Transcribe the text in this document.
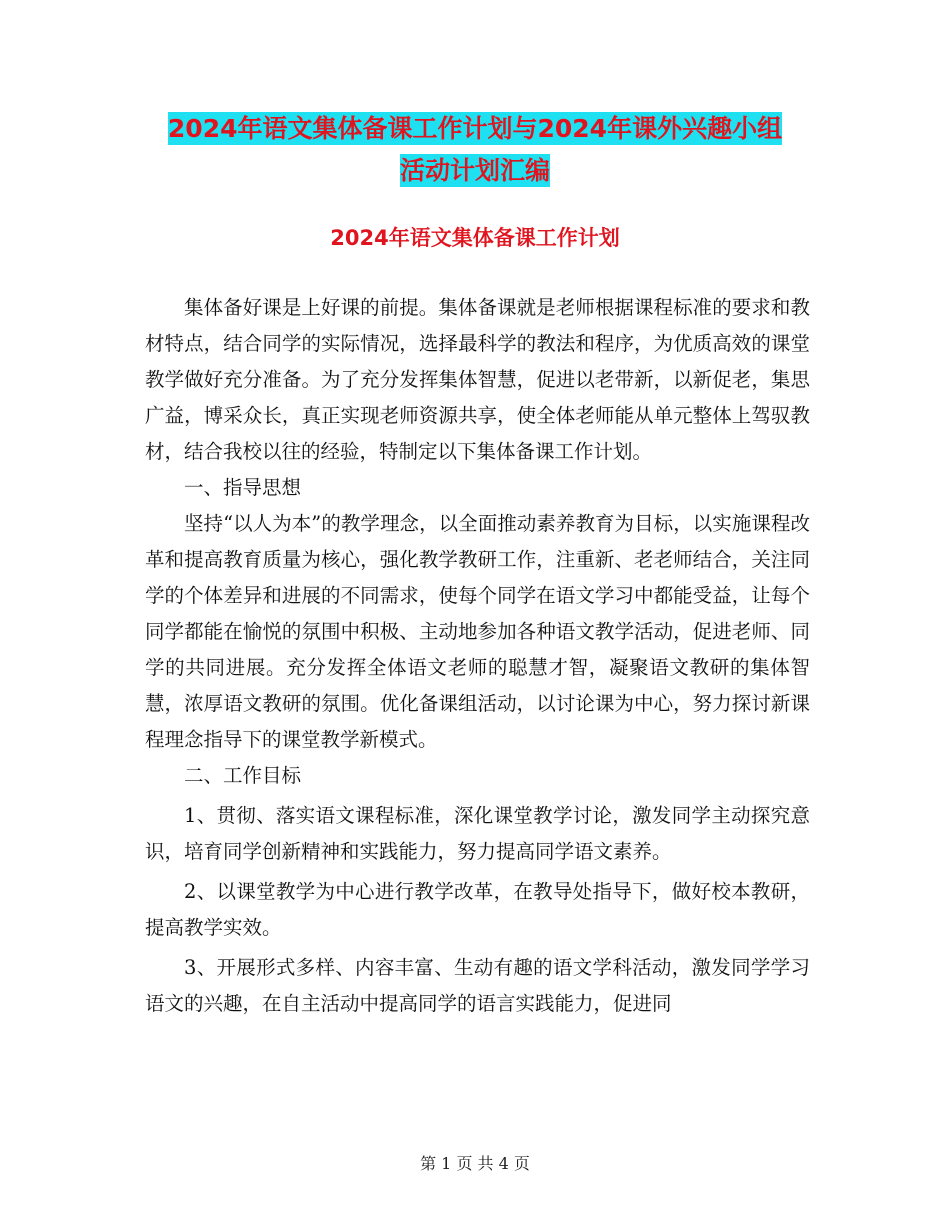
2024年语文集体备课工作计划与2024年课外兴趣小组
活动计划汇编
2024年语文集体备课工作计划

集体备好课是上好课的前提。集体备课就是老师根据课程标准的要求和教材特点，结合同学的实际情况，选择最科学的教法和程序，为优质高效的课堂教学做好充分准备。为了充分发挥集体智慧，促进以老带新，以新促老，集思广益，博采众长，真正实现老师资源共享，使全体老师能从单元整体上驾驭教材，结合我校以往的经验，特制定以下集体备课工作计划。

一、指导思想

坚持“以人为本”的教学理念，以全面推动素养教育为目标，以实施课程改革和提高教育质量为核心，强化教学教研工作，注重新、老老师结合，关注同学的个体差异和进展的不同需求，使每个同学在语文学习中都能受益，让每个同学都能在愉悦的氛围中积极、主动地参加各种语文教学活动，促进老师、同学的共同进展。充分发挥全体语文老师的聪慧才智，凝聚语文教研的集体智慧，浓厚语文教研的氛围。优化备课组活动，以讨论课为中心，努力探讨新课程理念指导下的课堂教学新模式。

二、工作目标

1、贯彻、落实语文课程标准，深化课堂教学讨论，激发同学主动探究意识，培育同学创新精神和实践能力，努力提高同学语文素养。

2、以课堂教学为中心进行教学改革，在教导处指导下，做好校本教研，提高教学实效。

3、开展形式多样、内容丰富、生动有趣的语文学科活动，激发同学学习语文的兴趣，在自主活动中提高同学的语言实践能力，促进同

第 1 页 共 4 页
